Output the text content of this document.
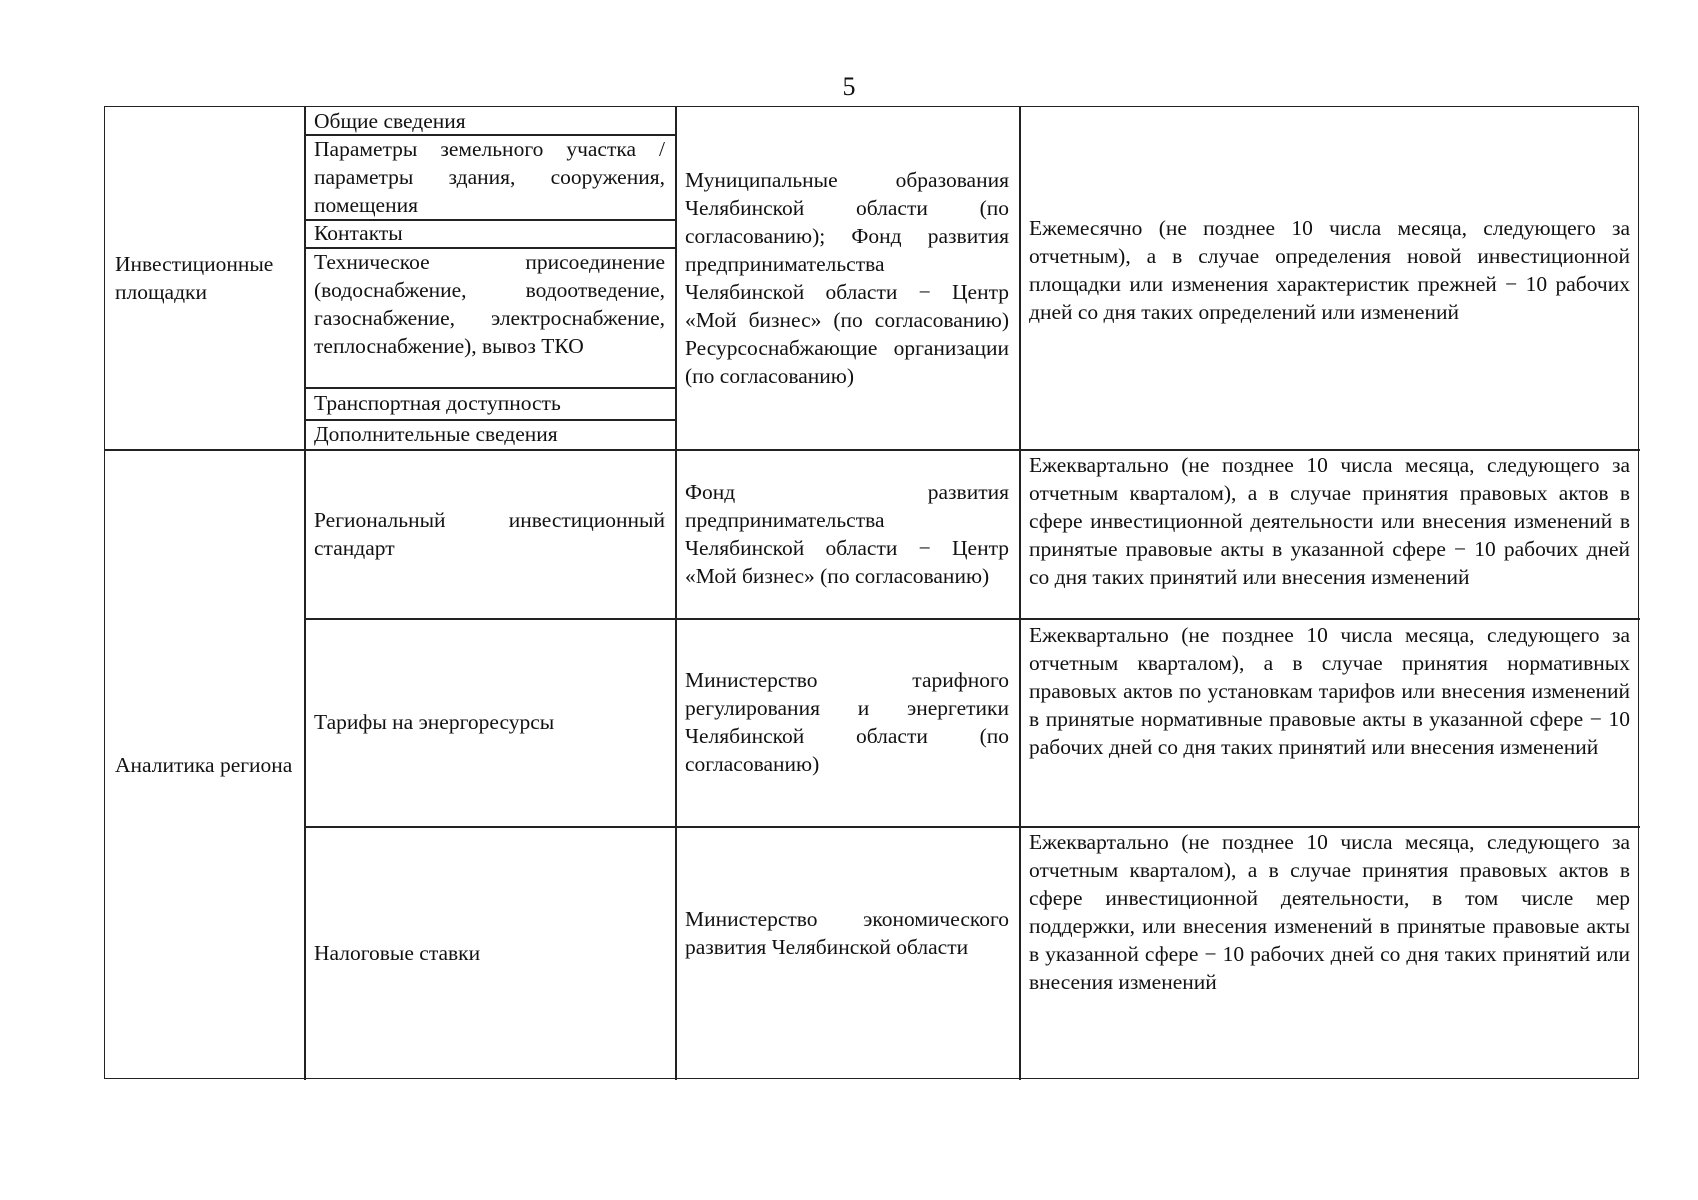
5
Инвестиционные площадки
Общие сведения
Параметры земельного участка / параметры здания, сооружения, помещения
Контакты
Техническое присоединение (водоснабжение, водоотведение, газоснабжение, электроснабжение, теплоснабжение), вывоз ТКО
Транспортная доступность
Дополнительные сведения
Муниципальные образования Челябинской области (по согласованию); Фонд развития предпринимательства Челябинской области − Центр «Мой бизнес» (по согласованию) Ресурсоснабжающие организации (по согласованию)
Ежемесячно (не позднее 10 числа месяца, следующего за отчетным), а в случае определения новой инвестиционной площадки или изменения характеристик прежней − 10 рабочих дней со дня таких определений или изменений
Аналитика региона
Региональный инвестиционный стандарт
Фонд развития предпринимательства Челябинской области − Центр «Мой бизнес» (по согласованию)
Ежеквартально (не позднее 10 числа месяца, следующего за отчетным кварталом), а в случае принятия правовых актов в сфере инвестиционной деятельности или внесения изменений в принятые правовые акты в указанной сфере − 10 рабочих дней со дня таких принятий или внесения изменений
Тарифы на энергоресурсы
Министерство тарифного регулирования и энергетики Челябинской области (по согласованию)
Ежеквартально (не позднее 10 числа месяца, следующего за отчетным кварталом), а в случае принятия нормативных правовых актов по установкам тарифов или внесения изменений в принятые нормативные правовые акты в указанной сфере − 10 рабочих дней со дня таких принятий или внесения изменений
Налоговые ставки
Министерство экономического развития Челябинской области
Ежеквартально (не позднее 10 числа месяца, следующего за отчетным кварталом), а в случае принятия правовых актов в сфере инвестиционной деятельности, в том числе мер поддержки, или внесения изменений в принятые правовые акты в указанной сфере − 10 рабочих дней со дня таких принятий или внесения изменений
